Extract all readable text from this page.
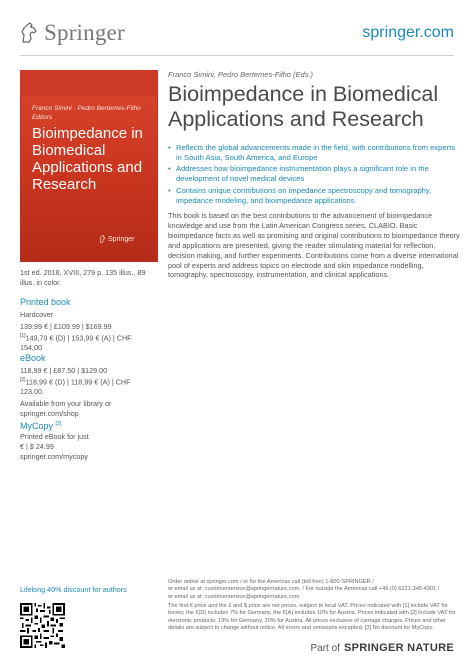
Springer	springer.com
Franco Simini · Pedro Bertemes-Filho
Editors
Bioimpedance in Biomedical Applications and Research
Springer
1st ed. 2018, XVIII, 279 p. 135 illus., 89 illus. in color.
Printed book
Hardcover
139,99 € | £109.99 | $169.99
[1]149,79 € (D) | 153,99 € (A) | CHF 154,00
eBook
118,99 € | £87.50 | $129.00
[2]118,99 € (D) | 118,99 € (A) | CHF 123,00
Available from your library or
springer.com/shop
MyCopy [3]
Printed eBook for just
€ | $ 24.99
springer.com/mycopy
Franco Simini, Pedro Bertemes-Filho (Eds.)
Bioimpedance in Biomedical Applications and Research
• Reflects the global advancements made in the field, with contributions from experts in South Asia, South America, and Europe
• Addresses how bioimpedance instrumentation plays a significant role in the development of novel medical devices
• Contains unique contributions on impedance spectroscopy and tomography, impedance modeling, and bioimpedance applications

This book is based on the best contributions to the advancement of bioimpedance knowledge and use from the Latin American Congress series, CLABIO. Basic bioimpedance facts as well as promising and original contributions to bioimpedance theory and applications are presented, giving the reader stimulating material for reflection, decision making, and further experiments. Contributions come from a diverse international pool of experts and address topics on electrode and skin impedance modelling, tomography, spectroscopy, instrumentation, and clinical applications.

Lifelong 40% discount for authors
Order online at springer.com / or for the Americas call (toll free) 1-800-SPRINGER /
or email us at: customerservice@springernature.com. / For outside the Americas call +49 (0) 6221-345-4301 /
or email us at: customerservice@springernature.com.
The first € price and the £ and $ price are net prices, subject to local VAT. Prices indicated with [1] include VAT for books; the €(D) includes 7% for Germany, the €(A) includes 10% for Austria. Prices indicated with [2] include VAT for electronic products; 19% for Germany, 20% for Austria. All prices exclusive of carriage charges. Prices and other details are subject to change without notice. All errors and omissions excepted. [3] No discount for MyCopy.
Part of SPRINGER NATURE
